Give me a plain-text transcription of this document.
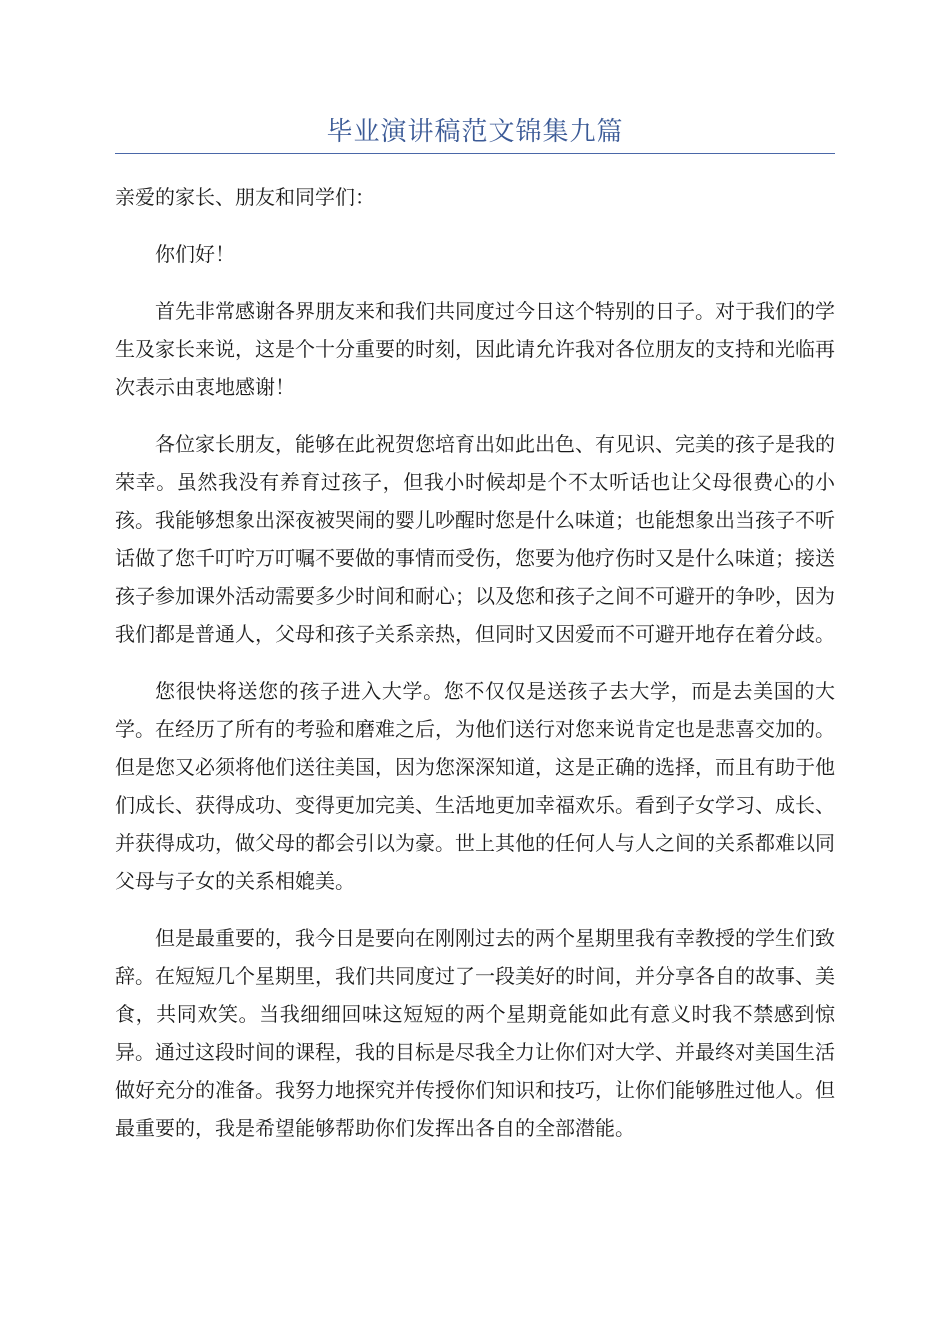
毕业演讲稿范文锦集九篇

亲爱的家长、朋友和同学们：

你们好！

首先非常感谢各界朋友来和我们共同度过今日这个特别的日子。对于我们的学生及家长来说，这是个十分重要的时刻，因此请允许我对各位朋友的支持和光临再次表示由衷地感谢！

各位家长朋友，能够在此祝贺您培育出如此出色、有见识、完美的孩子是我的荣幸。虽然我没有养育过孩子，但我小时候却是个不太听话也让父母很费心的小孩。我能够想象出深夜被哭闹的婴儿吵醒时您是什么味道；也能想象出当孩子不听话做了您千叮咛万叮嘱不要做的事情而受伤，您要为他疗伤时又是什么味道；接送孩子参加课外活动需要多少时间和耐心；以及您和孩子之间不可避开的争吵，因为我们都是普通人，父母和孩子关系亲热，但同时又因爱而不可避开地存在着分歧。

您很快将送您的孩子进入大学。您不仅仅是送孩子去大学，而是去美国的大学。在经历了所有的考验和磨难之后，为他们送行对您来说肯定也是悲喜交加的。但是您又必须将他们送往美国，因为您深深知道，这是正确的选择，而且有助于他们成长、获得成功、变得更加完美、生活地更加幸福欢乐。看到子女学习、成长、并获得成功，做父母的都会引以为豪。世上其他的任何人与人之间的关系都难以同父母与子女的关系相媲美。

但是最重要的，我今日是要向在刚刚过去的两个星期里我有幸教授的学生们致辞。在短短几个星期里，我们共同度过了一段美好的时间，并分享各自的故事、美食，共同欢笑。当我细细回味这短短的两个星期竟能如此有意义时我不禁感到惊异。通过这段时间的课程，我的目标是尽我全力让你们对大学、并最终对美国生活做好充分的准备。我努力地探究并传授你们知识和技巧，让你们能够胜过他人。但最重要的，我是希望能够帮助你们发挥出各自的全部潜能。
